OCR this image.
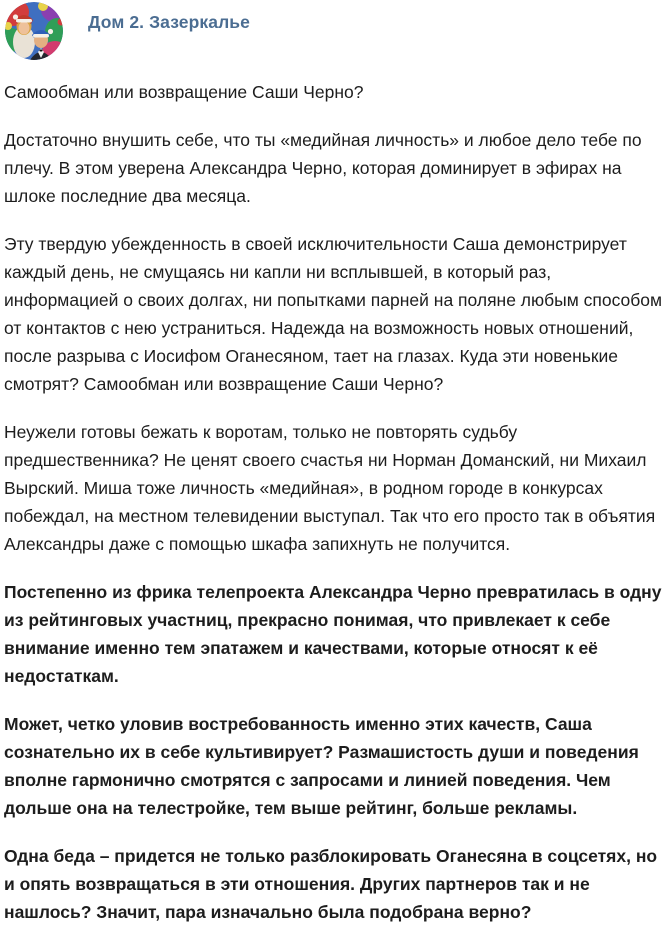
Дом 2. Зазеркалье
Самообман или возвращение Саши Черно?

Достаточно внушить себе, что ты «медийная личность» и любое дело тебе по плечу. В этом уверена Александра Черно, которая доминирует в эфирах на шлоке последние два месяца.

Эту твердую убежденность в своей исключительности Саша демонстрирует каждый день, не смущаясь ни капли ни всплывшей, в который раз, информацией о своих долгах, ни попытками парней на поляне любым способом от контактов с нею устраниться. Надежда на возможность новых отношений, после разрыва с Иосифом Оганесяном, тает на глазах. Куда эти новенькие смотрят? Самообман или возвращение Саши Черно?

Неужели готовы бежать к воротам, только не повторять судьбу предшественника? Не ценят своего счастья ни Норман Доманский, ни Михаил Вырский. Миша тоже личность «медийная», в родном городе в конкурсах побеждал, на местном телевидении выступал. Так что его просто так в объятия Александры даже с помощью шкафа запихнуть не получится.

Постепенно из фрика телепроекта Александра Черно превратилась в одну из рейтинговых участниц, прекрасно понимая, что привлекает к себе внимание именно тем эпатажем и качествами, которые относят к её недостаткам.

Может, четко уловив востребованность именно этих качеств, Саша сознательно их в себе культивирует? Размашистость души и поведения вполне гармонично смотрятся с запросами и линией поведения. Чем дольше она на телестройке, тем выше рейтинг, больше рекламы.

Одна беда – придется не только разблокировать Оганесяна в соцсетях, но и опять возвращаться в эти отношения. Других партнеров так и не нашлось? Значит, пара изначально была подобрана верно?
